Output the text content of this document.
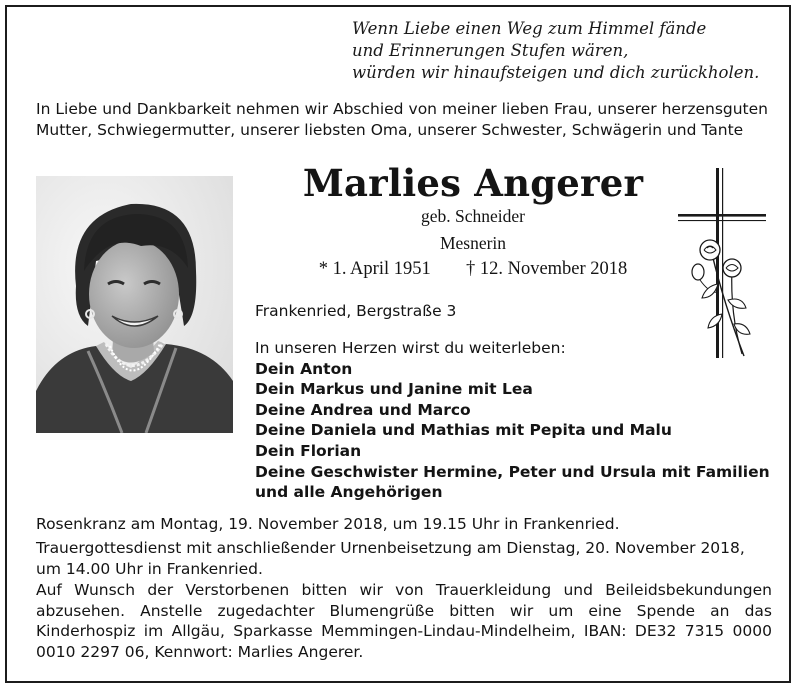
Wenn Liebe einen Weg zum Himmel fände
und Erinnerungen Stufen wären,
würden wir hinaufsteigen und dich zurückholen.
In Liebe und Dankbarkeit nehmen wir Abschied von meiner lieben Frau, unserer herzensguten Mutter, Schwiegermutter, unserer liebsten Oma, unserer Schwester, Schwägerin und Tante
Marlies Angerer
geb. Schneider
Mesnerin
* 1. April 1951 † 12. November 2018
Frankenried, Bergstraße 3
In unseren Herzen wirst du weiterleben:
Dein Anton
Dein Markus und Janine mit Lea
Deine Andrea und Marco
Deine Daniela und Mathias mit Pepita und Malu
Dein Florian
Deine Geschwister Hermine, Peter und Ursula mit Familien
und alle Angehörigen
Rosenkranz am Montag, 19. November 2018, um 19.15 Uhr in Frankenried.
Trauergottesdienst mit anschließender Urnenbeisetzung am Dienstag, 20. November 2018, um 14.00 Uhr in Frankenried.
Auf Wunsch der Verstorbenen bitten wir von Trauerkleidung und Beileidsbekundungen abzusehen. Anstelle zugedachter Blumengrüße bitten wir um eine Spende an das Kinderhospiz im Allgäu, Sparkasse Memmingen-Lindau-Mindelheim, IBAN: DE32 7315 0000 0010 2297 06, Kennwort: Marlies Angerer.
